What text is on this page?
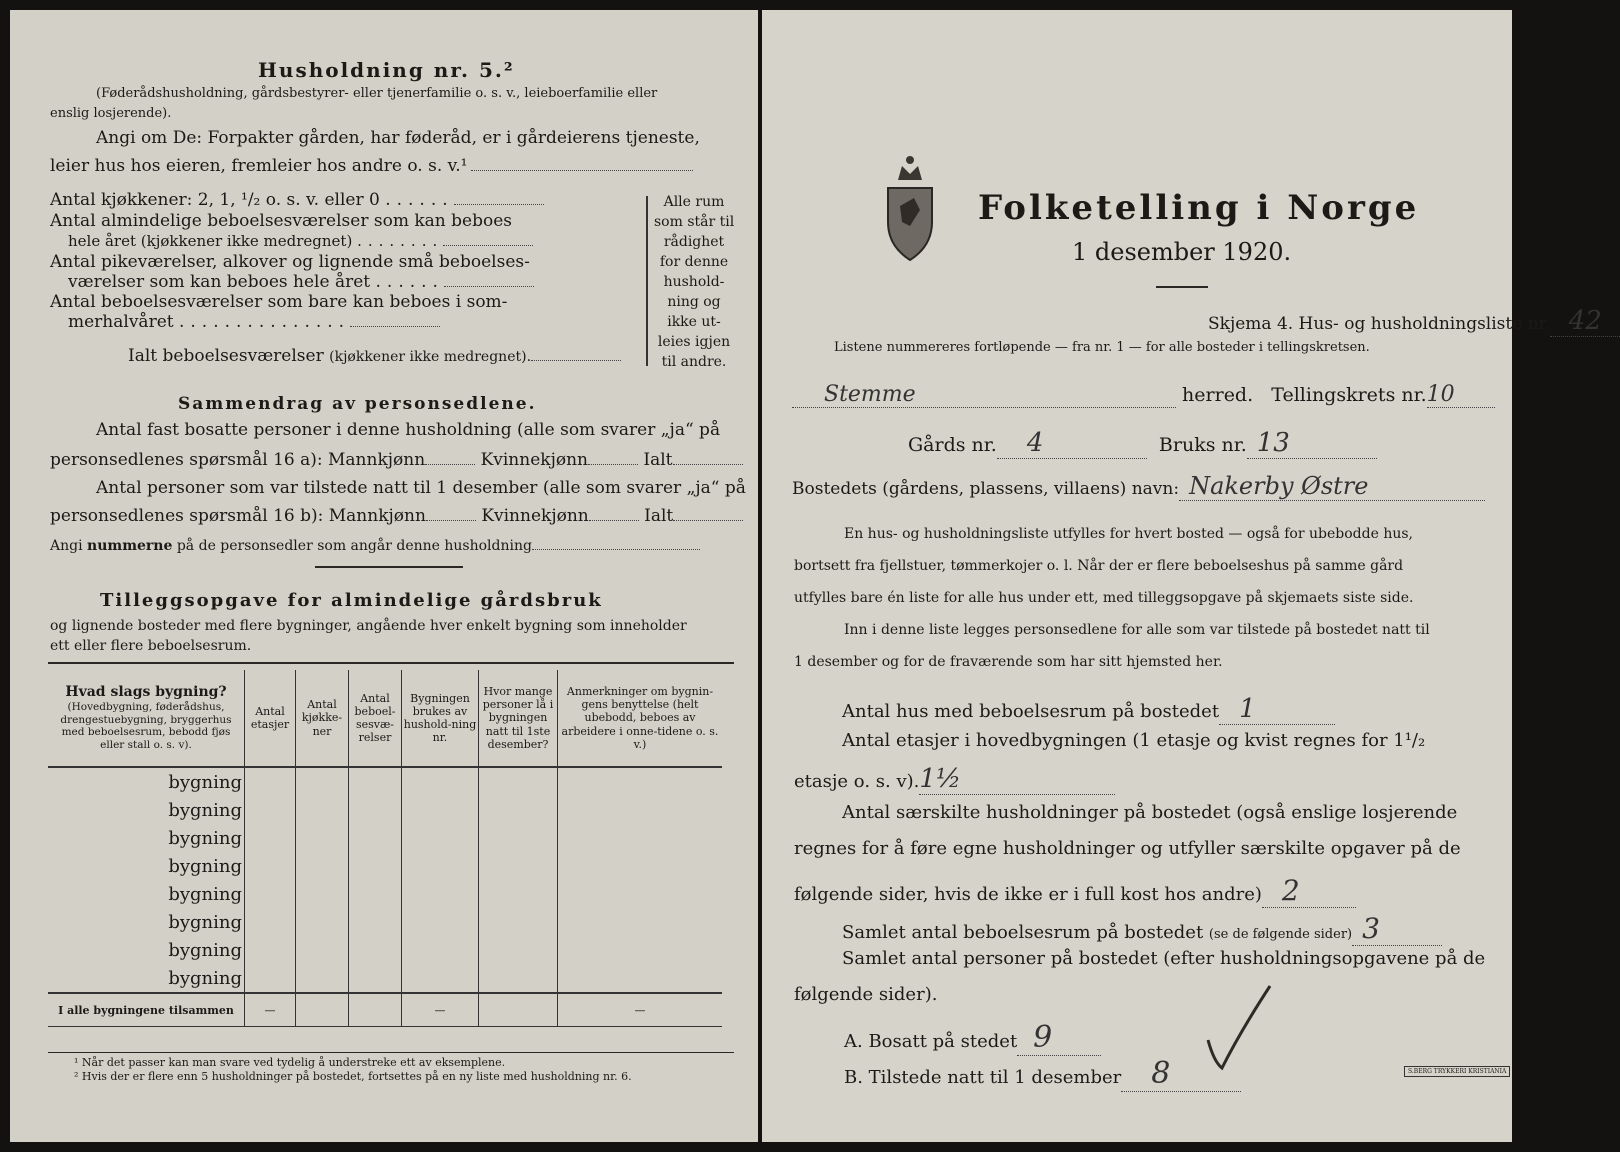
Husholdning nr. 5.²
(Føderådshusholdning, gårdsbestyrer- eller tjenerfamilie o. s. v., leieboerfamilie eller
enslig losjerende).
Angi om De: Forpakter gården, har føderåd, er i gårdeierens tjeneste,
leier hus hos eieren, fremleier hos andre o. s. v.¹
Antal kjøkkener: 2, 1, ¹/₂ o. s. v. eller 0 ......
Antal almindelige beboelsesværelser som kan beboes
hele året (kjøkkener ikke medregnet) ........
Antal pikeværelser, alkover og lignende små beboelses-
værelser som kan beboes hele året ......
Antal beboelsesværelser som bare kan beboes i som-
merhalvåret ...............
Alle rum
som står til
rådighet
for denne
hushold-
ning og
ikke ut-
leies igjen
til andre.
Ialt beboelsesværelser (kjøkkener ikke medregnet).
Sammendrag av personsedlene.
Antal fast bosatte personer i denne husholdning (alle som svarer „ja“ på
personsedlenes spørsmål 16 a): Mannkjønn	Kvinnekjønn	Ialt
Antal personer som var tilstede natt til 1 desember (alle som svarer „ja“ på
personsedlenes spørsmål 16 b): Mannkjønn	Kvinnekjønn	Ialt
Angi nummerne på de personsedler som angår denne husholdning
Tilleggsopgave for almindelige gårdsbruk
og lignende bosteder med flere bygninger, angående hver enkelt bygning som inneholder
ett eller flere beboelsesrum.
Hvad slags bygning?
(Hovedbygning, føderådshus, drengestuebygning, bryggerhus med beboelsesrum, bebodd fjøs eller stall o. s. v).	Antal etasjer	Antal kjøkke-ner	Antal beboel-sesvæ-relser	Bygningen brukes av hushold-ning nr.	Hvor mange personer lå i bygningen natt til 1ste desember?	Anmerkninger om bygnin-gens benyttelse (helt ubebodd, beboes av arbeidere i onne-tidene o. s. v.)
bygning						
bygning						
bygning						
bygning						
bygning						
bygning						
bygning						
bygning						
I alle bygningene tilsammen	—			—		—
¹ Når det passer kan man svare ved tydelig å understreke ett av eksemplene.
² Hvis der er flere enn 5 husholdninger på bostedet, fortsettes på en ny liste med husholdning nr. 6.
Folketelling i Norge
1 desember 1920.
Skjema 4. Hus- og husholdningsliste nr. 42
Listene nummereres fortløpende — fra nr. 1 — for alle bosteder i tellingskretsen.
Stemme	herred. Tellingskrets nr.10
Gårds nr. 4	Bruks nr. 13
Bostedets (gårdens, plassens, villaens) navn: Nakerby Østre
En hus- og husholdningsliste utfylles for hvert bosted — også for ubebodde hus,
bortsett fra fjellstuer, tømmerkojer o. l. Når der er flere beboelseshus på samme gård
utfylles bare én liste for alle hus under ett, med tilleggsopgave på skjemaets siste side.
Inn i denne liste legges personsedlene for alle som var tilstede på bostedet natt til
1 desember og for de fraværende som har sitt hjemsted her.
Antal hus med beboelsesrum på bostedet 1
Antal etasjer i hovedbygningen (1 etasje og kvist regnes for 1¹/₂
etasje o. s. v).1½
Antal særskilte husholdninger på bostedet (også enslige losjerende
regnes for å føre egne husholdninger og utfyller særskilte opgaver på de
følgende sider, hvis de ikke er i full kost hos andre) 2
Samlet antal beboelsesrum på bostedet (se de følgende sider) 3
Samlet antal personer på bostedet (efter husholdningsopgavene på de
følgende sider).
A. Bosatt på stedet 9
B. Tilstede natt til 1 desember 8	S.BERG TRYKKERI KRISTIANIA
